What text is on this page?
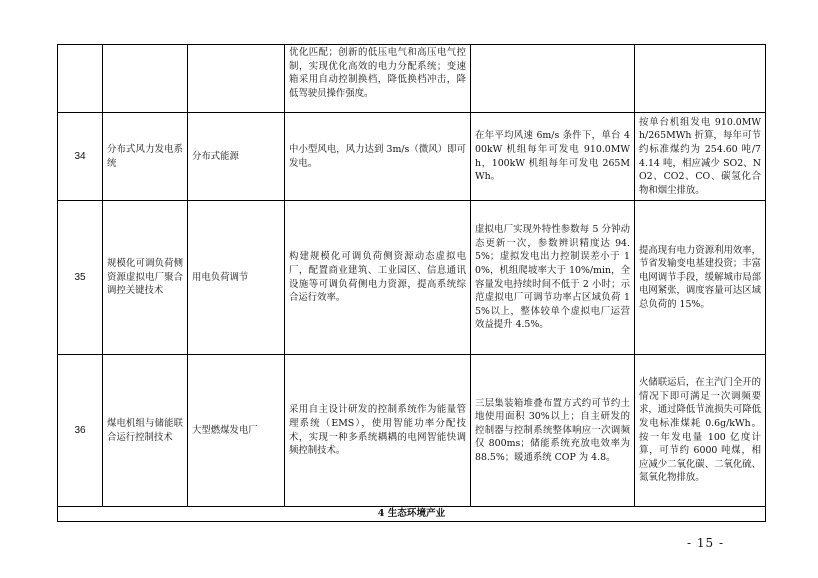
			优化匹配；创新的低压电气和高压电气控制，实现优化高效的电力分配系统；变速箱采用自动控制换档，降低换档冲击，降低驾驶员操作强度。		
34	分布式风力发电系统	分布式能源	中小型风电，风力达到 3m/s（微风）即可发电。	在年平均风速 6m/s 条件下，单台 400kW 机组每年可发电 910.0MWh，100kW 机组每年可发电 265MWh。	按单台机组发电 910.0MWh/265MWh 折算，每年可节约标准煤约为 254.60 吨/74.14 吨，相应减少 SO2、NO2、CO2、CO、碳氢化合物和烟尘排放。
35	规模化可调负荷侧资源虚拟电厂聚合调控关键技术	用电负荷调节	构建规模化可调负荷侧资源动态虚拟电厂，配置商业建筑、工业园区、信息通讯设施等可调负荷侧电力资源，提高系统综合运行效率。	虚拟电厂实现外特性参数每 5 分钟动态更新一次，参数辨识精度达 94.5%；虚拟发电出力控制误差小于 10%，机组爬坡率大于 10%/min，全容量发电持续时间不低于 2 小时；示范虚拟电厂可调节功率占区域负荷 15%以上，整体较单个虚拟电厂运营效益提升 4.5%。	提高现有电力资源利用效率，节省发输变电基建投资；丰富电网调节手段，缓解城市局部电网紧张，调度容量可达区域总负荷的 15%。
36	煤电机组与储能联合运行控制技术	大型燃煤发电厂	采用自主设计研发的控制系统作为能量管理系统（EMS），使用智能功率分配技术，实现一种多系统耦耦的电网智能快调频控制技术。	三层集装箱堆叠布置方式约可节约土地使用面积 30%以上；自主研发的控制器与控制系统整体响应一次调频仅 800ms；储能系统充放电效率为 88.5%；暖通系统 COP 为 4.8。	火储联运后，在主汽门全开的情况下即可满足一次调频要求，通过降低节流损失可降低发电标准煤耗 0.6g/kWh。按一年发电量 100 亿度计算，可节约 6000 吨煤，相应减少二氧化碳、二氧化硫、氮氧化物排放。
4 生态环境产业					
- 15 -
